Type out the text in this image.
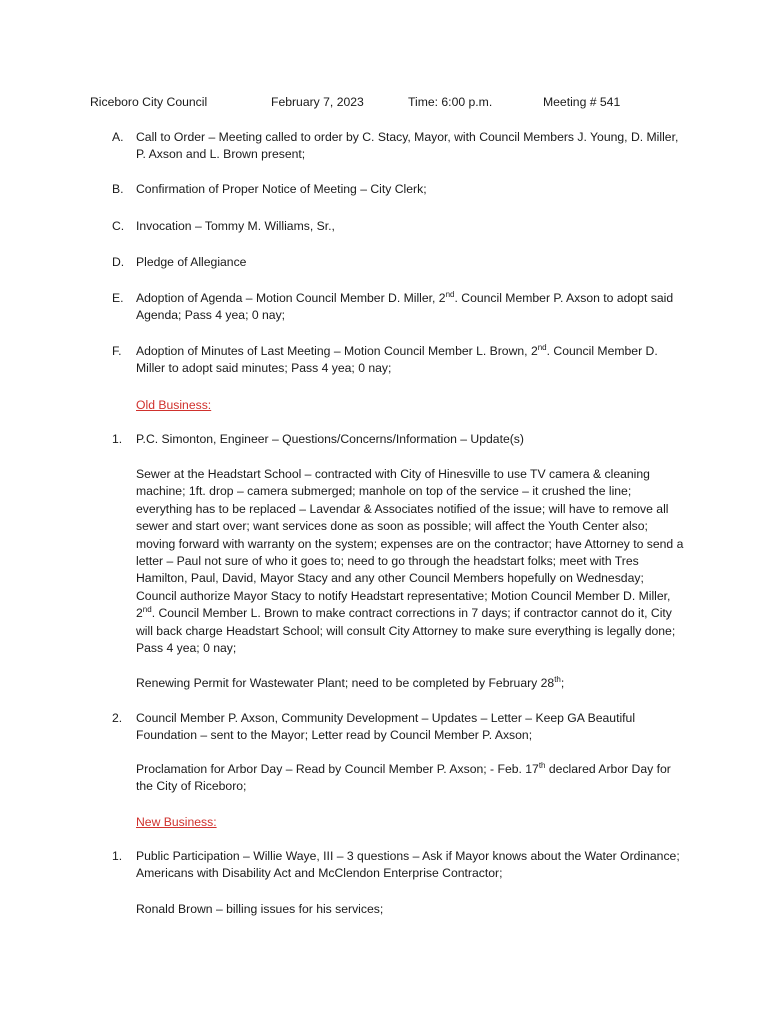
Riceboro City Council	February 7, 2023	Time: 6:00 p.m.	Meeting # 541
A. Call to Order – Meeting called to order by C. Stacy, Mayor, with Council Members J. Young, D. Miller, P. Axson and L. Brown present;
B. Confirmation of Proper Notice of Meeting – City Clerk;
C. Invocation – Tommy M. Williams, Sr.,
D. Pledge of Allegiance
E. Adoption of Agenda – Motion Council Member D. Miller, 2nd. Council Member P. Axson to adopt said Agenda; Pass 4 yea; 0 nay;
F. Adoption of Minutes of Last Meeting – Motion Council Member L. Brown, 2nd. Council Member D. Miller to adopt said minutes; Pass 4 yea; 0 nay;
Old Business:
1. P.C. Simonton, Engineer – Questions/Concerns/Information – Update(s)
Sewer at the Headstart School – contracted with City of Hinesville to use TV camera & cleaning machine; 1ft. drop – camera submerged; manhole on top of the service – it crushed the line; everything has to be replaced – Lavendar & Associates notified of the issue; will have to remove all sewer and start over; want services done as soon as possible; will affect the Youth Center also; moving forward with warranty on the system; expenses are on the contractor; have Attorney to send a letter – Paul not sure of who it goes to; need to go through the headstart folks; meet with Tres Hamilton, Paul, David, Mayor Stacy and any other Council Members hopefully on Wednesday; Council authorize Mayor Stacy to notify Headstart representative; Motion Council Member D. Miller, 2nd. Council Member L. Brown to make contract corrections in 7 days; if contractor cannot do it, City will back charge Headstart School; will consult City Attorney to make sure everything is legally done; Pass 4 yea; 0 nay;
Renewing Permit for Wastewater Plant; need to be completed by February 28th;
2. Council Member P. Axson, Community Development – Updates – Letter – Keep GA Beautiful Foundation – sent to the Mayor; Letter read by Council Member P. Axson;
Proclamation for Arbor Day – Read by Council Member P. Axson; - Feb. 17th declared Arbor Day for the City of Riceboro;
New Business:
1. Public Participation – Willie Waye, III – 3 questions – Ask if Mayor knows about the Water Ordinance; Americans with Disability Act and McClendon Enterprise Contractor;
Ronald Brown – billing issues for his services;
